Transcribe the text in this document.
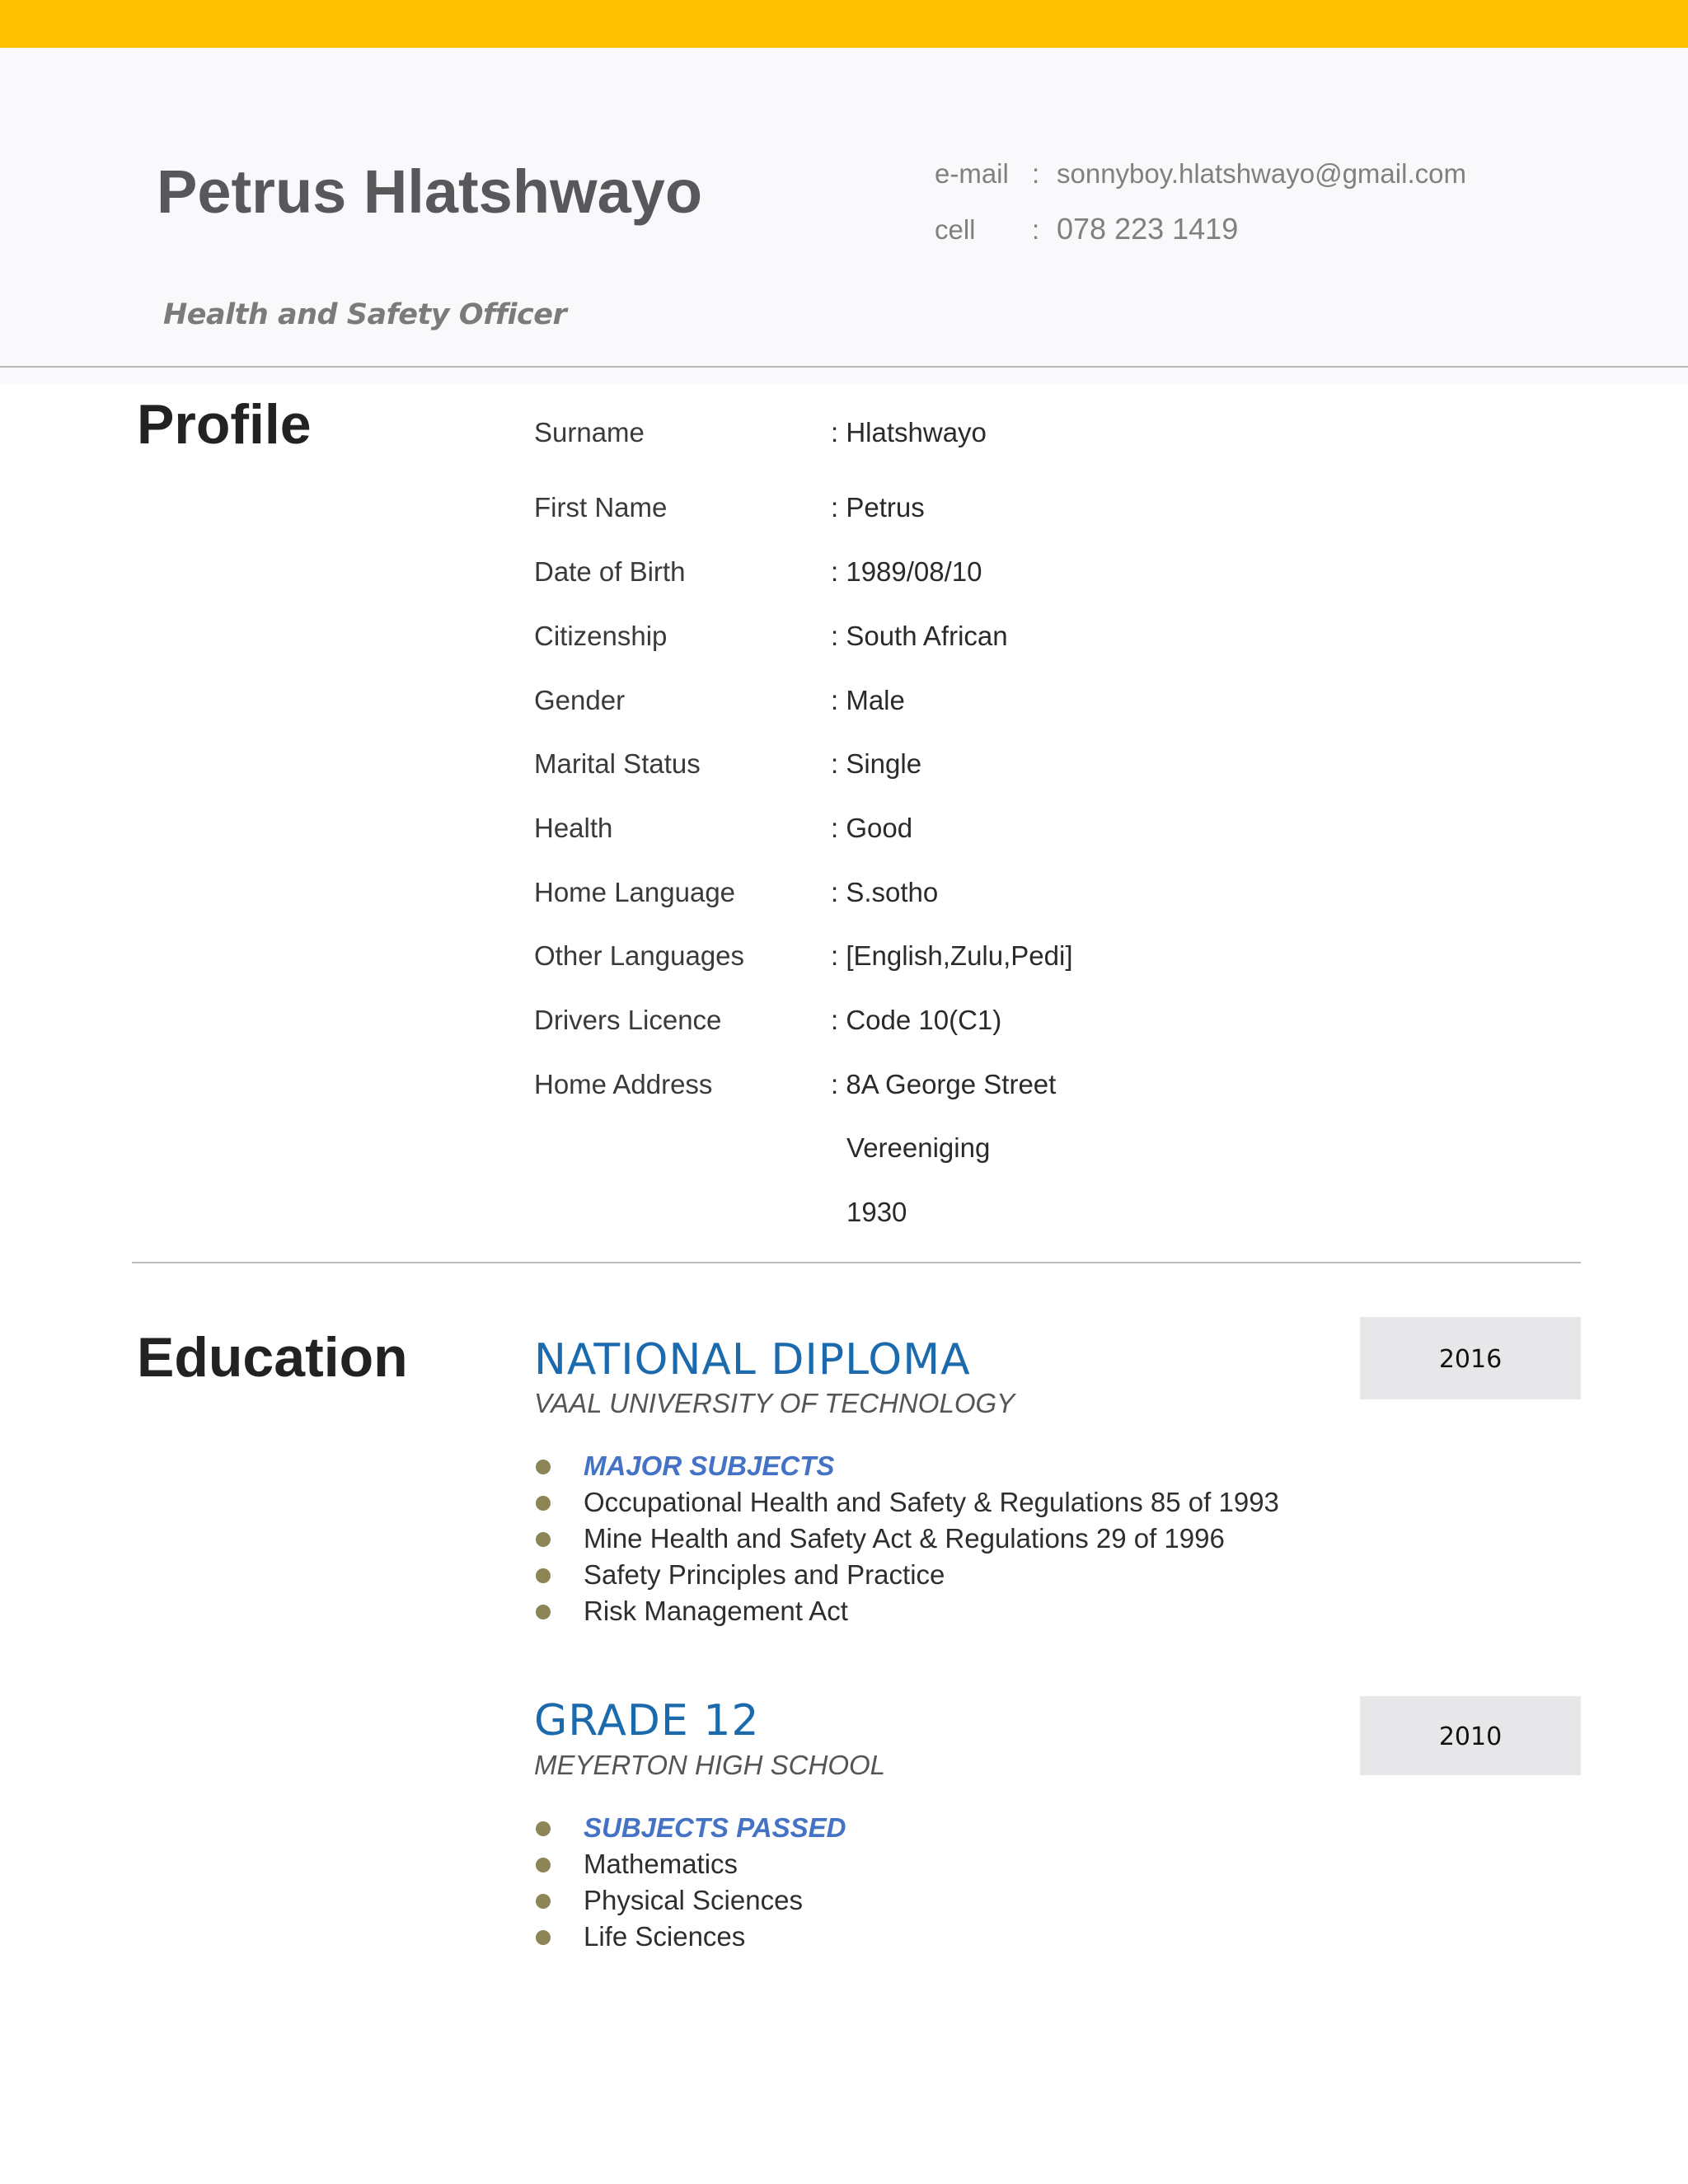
Petrus Hlatshwayo
Health and Safety Officer
e-mail : sonnyboy.hlatshwayo@gmail.com
cell : 078 223 1419
Profile	Surname	: Hlatshwayo
First Name	: Petrus
Date of Birth	: 1989/08/10
Citizenship	: South African
Gender	: Male
Marital Status	: Single
Health	: Good
Home Language	: S.sotho
Other Languages	: [English,Zulu,Pedi]
Drivers Licence	: Code 10(C1)
Home Address	: 8A George Street
Vereeniging
1930
Education	NATIONAL DIPLOMA
VAAL UNIVERSITY OF TECHNOLOGY
2016
MAJOR SUBJECTS
Occupational Health and Safety & Regulations 85 of 1993
Mine Health and Safety Act & Regulations 29 of 1996
Safety Principles and Practice
Risk Management Act
GRADE 12
MEYERTON HIGH SCHOOL
2010
SUBJECTS PASSED
Mathematics
Physical Sciences
Life Sciences
